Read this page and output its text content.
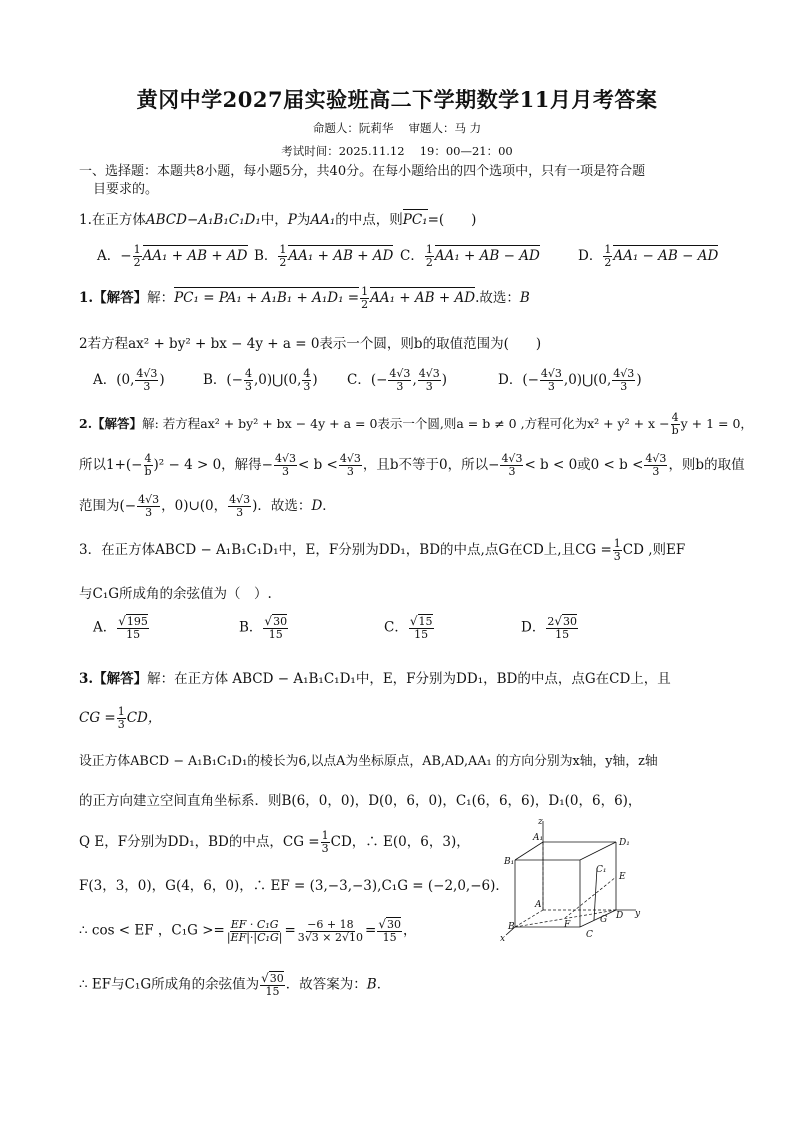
黄冈中学2027届实验班高二下学期数学11月月考答案
命题人：阮莉华　 审题人：马 力
考试时间：2025.11.12　 19：00—21：00
一、选择题：本题共8小题，每小题5分，共40分。在每小题给出的四个选项中，只有一项是符合题
目要求的。
1.在正方体ABCD−A₁B₁C₁D₁中，P为AA₁的中点，则PC₁=(　　)
A．− $\frac{1}{2} AA_1$ + AB + AD B． $\frac{1}{2} AA_1$ + AB + AD C． $\frac{1}{2} AA_1$ + AB − AD	D． $\frac{1}{2} AA_1$ − AB − AD
1.【解答】解：$PC_1 = PA_1 + A_1B_1 + A_1D_1 = \frac{1}{2} AA_1$ + AB + AD.故选：B
2若方程ax² + by² + bx − 4y + a = 0表示一个圆，则b的取值范围为(　　)
A．(0, $\frac{4√3}{3}$ )	B．(− $\frac{4}{3}$ ,0)⋃(0, $\frac{4}{3}$ ) C．(− $\frac{4√3}{3}$ , $\frac{4√3}{3}$ )	D．(− $\frac{4√3}{3}$ ,0)⋃(0, $\frac{4√3}{3}$ )
2.【解答】解: 若方程ax² + by² + bx − 4y + a = 0表示一个圆,则a = b ≠ 0 ,方程可化为$x^2 + y^2 + x - \frac{4}{b}$ y + 1 = 0，
所以$1+(- \frac{4}{b} )^2 - 4 > 0$，解得− $\frac{4√3}{3} < b < \frac{4√3}{3}$ ，且b不等于0，所以− $\frac{4√3}{3} < b < 0$或$0 < b < \frac{4√3}{3}$ ，则b的取值
范围为(− $\frac{4√3}{3}$ ，0)∪(0， $\frac{4√3}{3}$ )．故选：D．
3．在正方体ABCD − A₁B₁C₁D₁中，E，F分别为DD₁，BD的中点,点G在CD上,且CG = $\frac{1}{3}$ CD ,则EF
与C₁G所成角的余弦值为（　）.
A． $\frac{√195}{15}$	B． $\frac{√30}{15}$	C． $\frac{√15}{15}$	D． $\frac{2√30}{15}$
3.【解答】解：在正方体 ABCD − A₁B₁C₁D₁中，E，F分别为DD₁，BD的中点，点G在CD上，且
CG = $\frac{1}{3}$ CD，
设正方体ABCD − A₁B₁C₁D₁的棱长为6,以点A为坐标原点，AB,AD,AA₁ 的方向分别为x轴，y轴，z轴
的正方向建立空间直角坐标系．则B(6，0，0)，D(0，6，0)，C₁(6，6，6)，D₁(0，6，6)，
Q E，F分别为DD₁，BD的中点，CG = $\frac{1}{3}$ CD，∴ E(0，6，3)，
F(3，3，0)，G(4，6，0)，∴ EF = (3,−3,−3),C₁G = (−2,0,−6)．
∴ cos < EF ，$C_1G >= \frac{\text{EF · C₁G}}{\text{|EF|·|C₁G|}} = \frac{-6 + 18}{3√3 \times 2√10} = \frac{√30}{15}$ ，
∴ EF与C₁G所成角的余弦值为 $\frac{√30}{15}$ ．故答案为：B．
z
A₁	D₁
B₁
C₁
E
A
y
B	F
D
G
C
x
